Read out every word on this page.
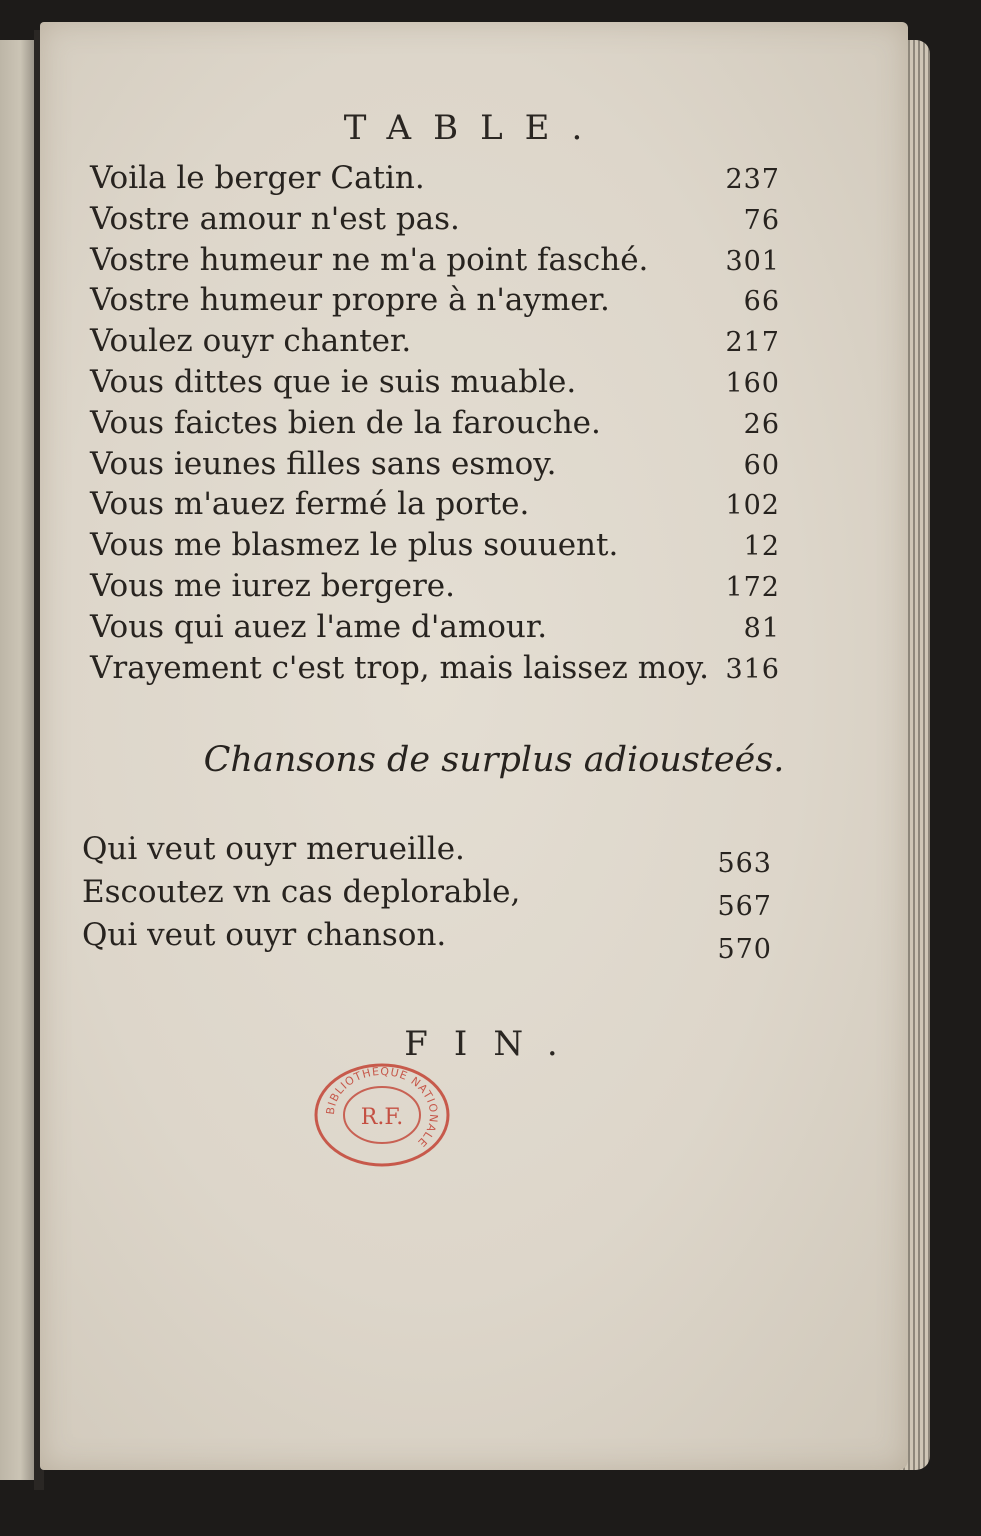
TABLE.
Voila le berger Catin.	237
Vostre amour n'est pas.	76
Vostre humeur ne m'a point fasché.	301
Vostre humeur propre à n'aymer.	66
Voulez ouyr chanter.	217
Vous dittes que ie suis muable.	160
Vous faictes bien de la farouche.	26
Vous ieunes filles sans esmoy.	60
Vous m'auez fermé la porte.	102
Vous me blasmez le plus souuent.	12
Vous me iurez bergere.	172
Vous qui auez l'ame d'amour.	81
Vrayement c'est trop, mais laissez moy. 316
Chansons de surplus adiousteés.
Qui veut ouyr merueille.	563
Escoutez vn cas deplorable,	567
Qui veut ouyr chanson.	570
FIN.
BIBLIOTHEQUE NATIONALE
R.F.
